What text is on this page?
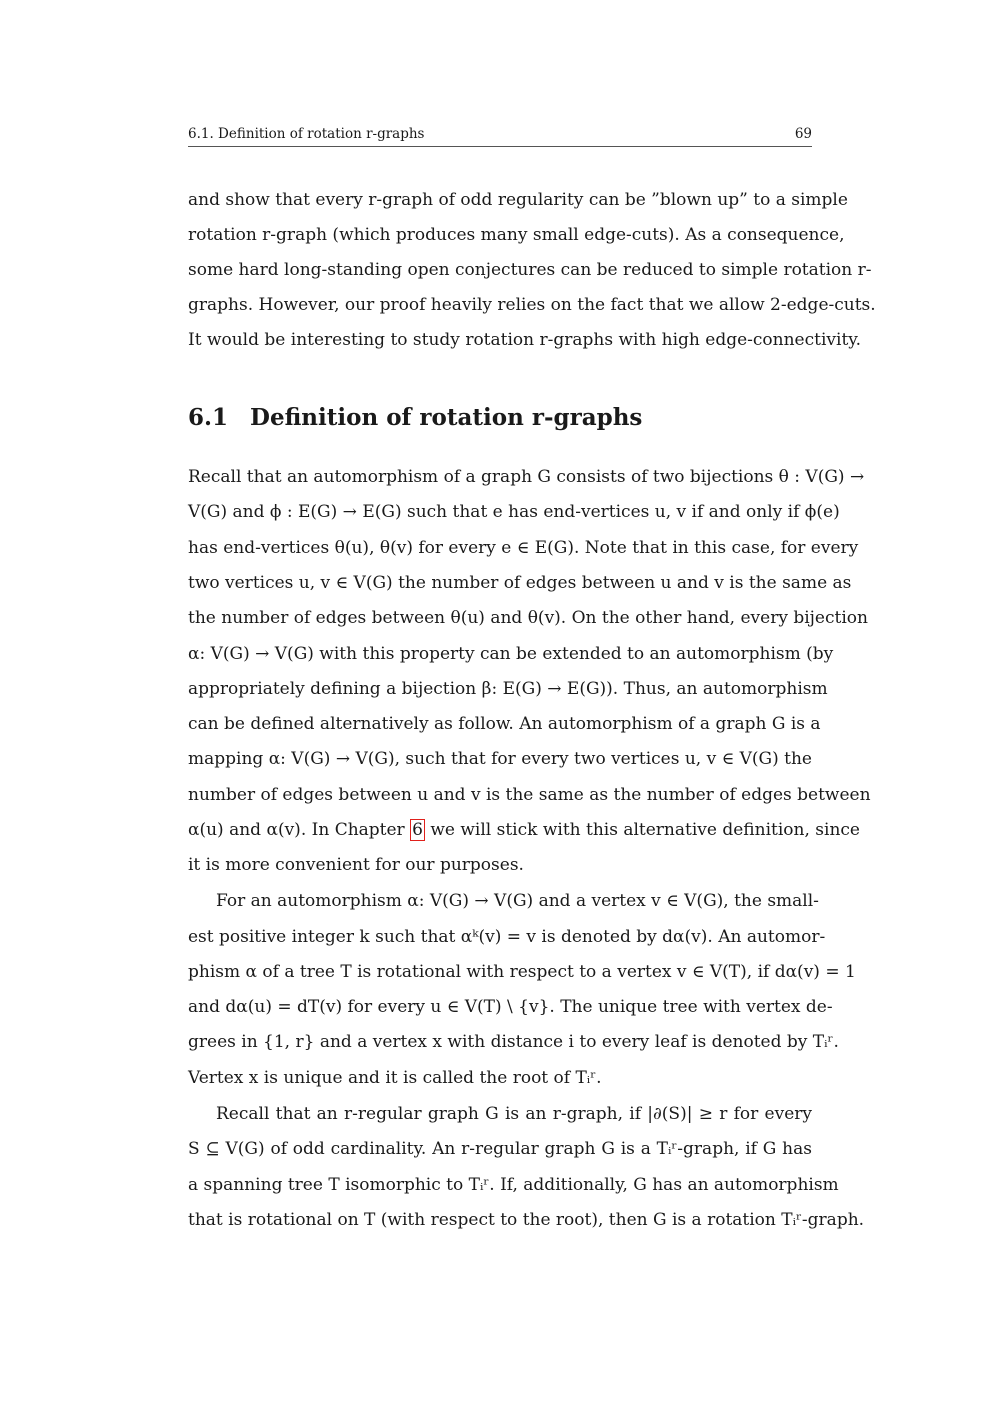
6.1. Definition of rotation r-graphs	69
and show that every r-graph of odd regularity can be ”blown up” to a simple
rotation r-graph (which produces many small edge-cuts). As a consequence,
some hard long-standing open conjectures can be reduced to simple rotation r-
graphs. However, our proof heavily relies on the fact that we allow 2-edge-cuts.
It would be interesting to study rotation r-graphs with high edge-connectivity.
6.1 Definition of rotation r-graphs
Recall that an automorphism of a graph G consists of two bijections θ : V(G) →
V(G) and ϕ : E(G) → E(G) such that e has end-vertices u, v if and only if ϕ(e)
has end-vertices θ(u), θ(v) for every e ∈ E(G). Note that in this case, for every
two vertices u, v ∈ V(G) the number of edges between u and v is the same as
the number of edges between θ(u) and θ(v). On the other hand, every bijection
α: V(G) → V(G) with this property can be extended to an automorphism (by
appropriately defining a bijection β: E(G) → E(G)). Thus, an automorphism
can be defined alternatively as follow. An automorphism of a graph G is a
mapping α: V(G) → V(G), such that for every two vertices u, v ∈ V(G) the
number of edges between u and v is the same as the number of edges between
α(u) and α(v). In Chapter 6 we will stick with this alternative definition, since
it is more convenient for our purposes.
For an automorphism α: V(G) → V(G) and a vertex v ∈ V(G), the small-
est positive integer k such that αᵏ(v) = v is denoted by dα(v). An automor-
phism α of a tree T is rotational with respect to a vertex v ∈ V(T), if dα(v) = 1
and dα(u) = dT(v) for every u ∈ V(T) \ {v}. The unique tree with vertex de-
grees in {1, r} and a vertex x with distance i to every leaf is denoted by Tᵢʳ.
Vertex x is unique and it is called the root of Tᵢʳ.
Recall that an r-regular graph G is an r-graph, if |∂(S)| ≥ r for every
S ⊆ V(G) of odd cardinality. An r-regular graph G is a Tᵢʳ-graph, if G has
a spanning tree T isomorphic to Tᵢʳ. If, additionally, G has an automorphism
that is rotational on T (with respect to the root), then G is a rotation Tᵢʳ-graph.
